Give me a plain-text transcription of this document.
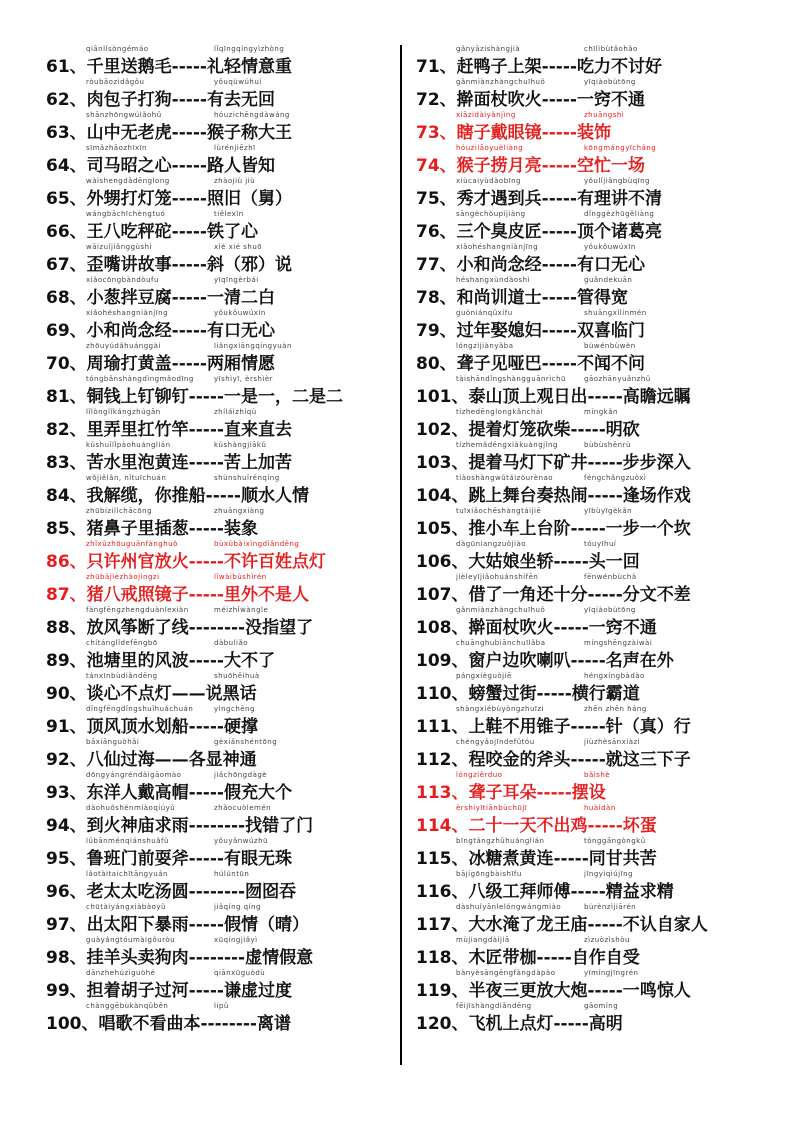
qiānlǐsòngémáo	lǐqīngqíngyìzhòng
61、千里送鹅毛-----礼轻情意重
ròubāozidǎgǒu	yǒuqùwúhuí
62、肉包子打狗-----有去无回
shānzhōngwúlǎohǔ	hóuzichēngdàwáng
63、山中无老虎-----猴子称大王
sīmǎzhāozhīxīn	lùrénjiēzhī
64、司马昭之心-----路人皆知
wàishengdǎdēnglong	zhàojiù jiù
65、外甥打灯笼-----照旧（舅）
wángbāchīchèngtuó	tiělexīn
66、王八吃秤砣-----铁了心
wāizuǐjiǎnggùshì	xié xié shuō
67、歪嘴讲故事-----斜（邪）说
xiǎocōngbàndòufu	yīqīngèrbái
68、小葱拌豆腐-----一清二白
xiǎohéshangniànjīng	yǒukǒuwúxīn
69、小和尚念经-----有口无心
zhōuyúdǎhuánggài	liǎngxiāngqíngyuàn
70、周瑜打黄盖-----两厢情愿
tóngbǎnshàngdìngmǎodīng	yīshìyī, èrshìèr
81、铜钱上钉铆钉-----一是一，二是二
lǐlònglǐkángzhúgān	zhíláizhíqù
82、里弄里扛竹竿-----直来直去
kǔshuǐlǐpàohuánglián	kǔshàngjiākǔ
83、苦水里泡黄连-----苦上加苦
wǒjiělǎn, nǐtuīchuán	shùnshuǐrénqíng
84、我解缆，你推船-----顺水人情
zhūbízilǐchācōng	zhuāngxiàng
85、猪鼻子里插葱-----装象
zhǐxǔzhōuguānfànghuǒ	bùxǔbǎixìngdiǎndēng
86、只许州官放火-----不许百姓点灯
zhūbājièzhàojìngzi	lǐwàibùshìrén
87、猪八戒照镜子-----里外不是人
fàngfēngzhengduànlexiàn	méizhǐwàngle
88、放风筝断了线--------没指望了
chítánglǐdefēngbō	dàbuliǎo
89、池塘里的风波-----大不了
tánxīnbùdiǎndēng	shuōhēihuà
90、谈心不点灯——说黑话
dǐngfēngdǐngshuǐhuáchuán	yìngchēng
91、顶风顶水划船-----硬撑
bāxiānguòhǎi	gèxiǎnshéntōng
92、八仙过海——各显神通
dōngyángréndàigāomào	jiǎchōngdàgè
93、东洋人戴高帽-----假充大个
dàohuǒshénmiàoqiúyǔ	zhǎocuòlemén
94、到火神庙求雨--------找错了门
lǔbānménqiánshuǎfǔ	yǒuyǎnwúzhū
95、鲁班门前耍斧-----有眼无珠
lǎotàitaichītāngyuán	húlúntūn
96、老太太吃汤圆--------囫囵吞
chūtàiyángxiàbàoyǔ	jiǎqíng qíng
97、出太阳下暴雨-----假情（晴）
guàyángtóumàigǒuròu	xūqíngjiǎyì
98、挂羊头卖狗肉--------虚情假意
dānzhehúziguòhé	qiānxūguòdù
99、担着胡子过河-----谦虚过度
chànggēbùkànqǔběn	lípǔ
100、唱歌不看曲本--------离谱
gǎnyāzishàngjià	chīlìbùtǎohǎo
71、赶鸭子上架-----吃力不讨好
gǎnmiànzhàngchuīhuǒ	yīqiàobùtōng
72、擀面杖吹火-----一窍不通
xiāzidàiyǎnjìng	zhuāngshì
73、瞎子戴眼镜-----装饰
hóuzilāoyuèliàng	kōngmángyīchǎng
74、猴子捞月亮-----空忙一场
xiùcaiyùdàobīng	yǒulǐjiǎngbùqīng
75、秀才遇到兵-----有理讲不清
sāngèchòupíjiàng	dǐnggèzhūgěliàng
76、三个臭皮匠-----顶个诸葛亮
xiǎohéshangniànjīng	yǒukǒuwúxīn
77、小和尚念经-----有口无心
héshangxùndàoshì	guǎndekuān
78、和尚训道士-----管得宽
guòniánqǔxífu	shuāngxǐlínmén
79、过年娶媳妇-----双喜临门
lóngzijiànyǎba	bùwénbùwèn
80、聋子见哑巴-----不闻不问
tàishāndǐngshàngguānrìchū	gāozhānyuǎnzhǔ
101、泰山顶上观日出-----高瞻远瞩
tízhedēnglongkǎnchái	míngkǎn
102、提着灯笼砍柴-----明砍
tízhemǎdēngxiàkuàngjǐng	bùbùshēnrù
103、提着马灯下矿井-----步步深入
tiàoshàngwǔtáizòurènao	féngchǎngzuòxì
104、跳上舞台奏热闹-----逢场作戏
tuīxiǎochēshàngtáijiē	yībùyīgèkǎn
105、推小车上台阶-----一步一个坎
dàgūniangzuòjiào	tóuyīhuí
106、大姑娘坐轿-----头一回
jièleyījiǎohuánshífēn	fēnwénbùchà
107、借了一角还十分-----分文不差
gǎnmiànzhàngchuīhuǒ	yīqiàobùtōng
108、擀面杖吹火-----一窍不通
chuānghubiānchuīlǎba	míngshēngzàiwài
109、窗户边吹喇叭-----名声在外
pángxièguòjiē	héngxíngbàdào
110、螃蟹过街-----横行霸道
shàngxiébùyòngzhuīzi	zhēn zhēn háng
111、上鞋不用锥子-----针（真）行
chéngyǎojīndefǔtóu	jiùzhèsānxiàzi
112、程咬金的斧头-----就这三下子
lóngziěrduo	bǎishè
113、聋子耳朵-----摆设
èrshíyītiānbùchūjī	huàidàn
114、二十一天不出鸡-----坏蛋
bīngtángzhǔhuánglián	tónggāngòngkǔ
115、冰糖煮黄连-----同甘共苦
bājígōngbàishīfu	jīngyìqiújīng
116、八级工拜师傅-----精益求精
dàshuǐyānlelóngwángmiào	bùrènzìjiārén
117、大水淹了龙王庙-----不认自家人
mùjiangdàijiā	zìzuòzìshòu
118、木匠带枷-----自作自受
bànyèsāngēngfàngdàpào	yīmíngjīngrén
119、半夜三更放大炮-----一鸣惊人
fēijīshàngdiǎndēng	gāomíng
120、飞机上点灯-----高明
